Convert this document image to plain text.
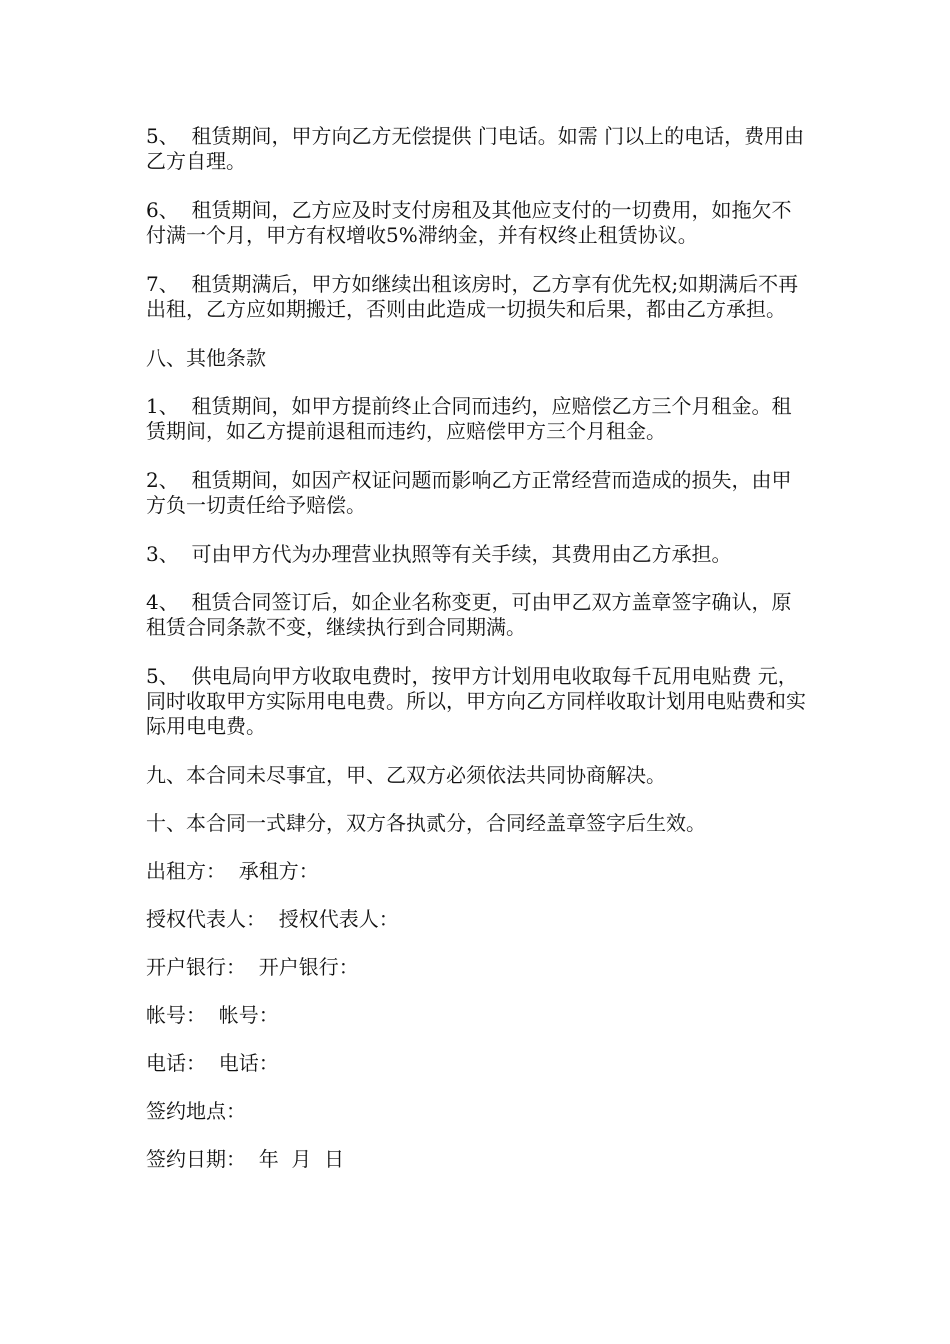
5、  租赁期间，甲方向乙方无偿提供 门电话。如需 门以上的电话，费用由乙方自理。

6、  租赁期间，乙方应及时支付房租及其他应支付的一切费用，如拖欠不付满一个月，甲方有权增收5%滞纳金，并有权终止租赁协议。

7、  租赁期满后，甲方如继续出租该房时，乙方享有优先权;如期满后不再出租，乙方应如期搬迁，否则由此造成一切损失和后果，都由乙方承担。

八、其他条款

1、  租赁期间，如甲方提前终止合同而违约，应赔偿乙方三个月租金。租赁期间，如乙方提前退租而违约，应赔偿甲方三个月租金。

2、  租赁期间，如因产权证问题而影响乙方正常经营而造成的损失，由甲方负一切责任给予赔偿。

3、  可由甲方代为办理营业执照等有关手续，其费用由乙方承担。

4、  租赁合同签订后，如企业名称变更，可由甲乙双方盖章签字确认，原租赁合同条款不变，继续执行到合同期满。

5、  供电局向甲方收取电费时，按甲方计划用电收取每千瓦用电贴费 元，同时收取甲方实际用电电费。所以，甲方向乙方同样收取计划用电贴费和实际用电电费。

九、本合同未尽事宜，甲、乙双方必须依法共同协商解决。

十、本合同一式肆分，双方各执贰分，合同经盖章签字后生效。

出租方：  承租方：

授权代表人：  授权代表人：

开户银行：  开户银行：

帐号：  帐号：

电话：  电话：

签约地点：

签约日期：  年  月  日
